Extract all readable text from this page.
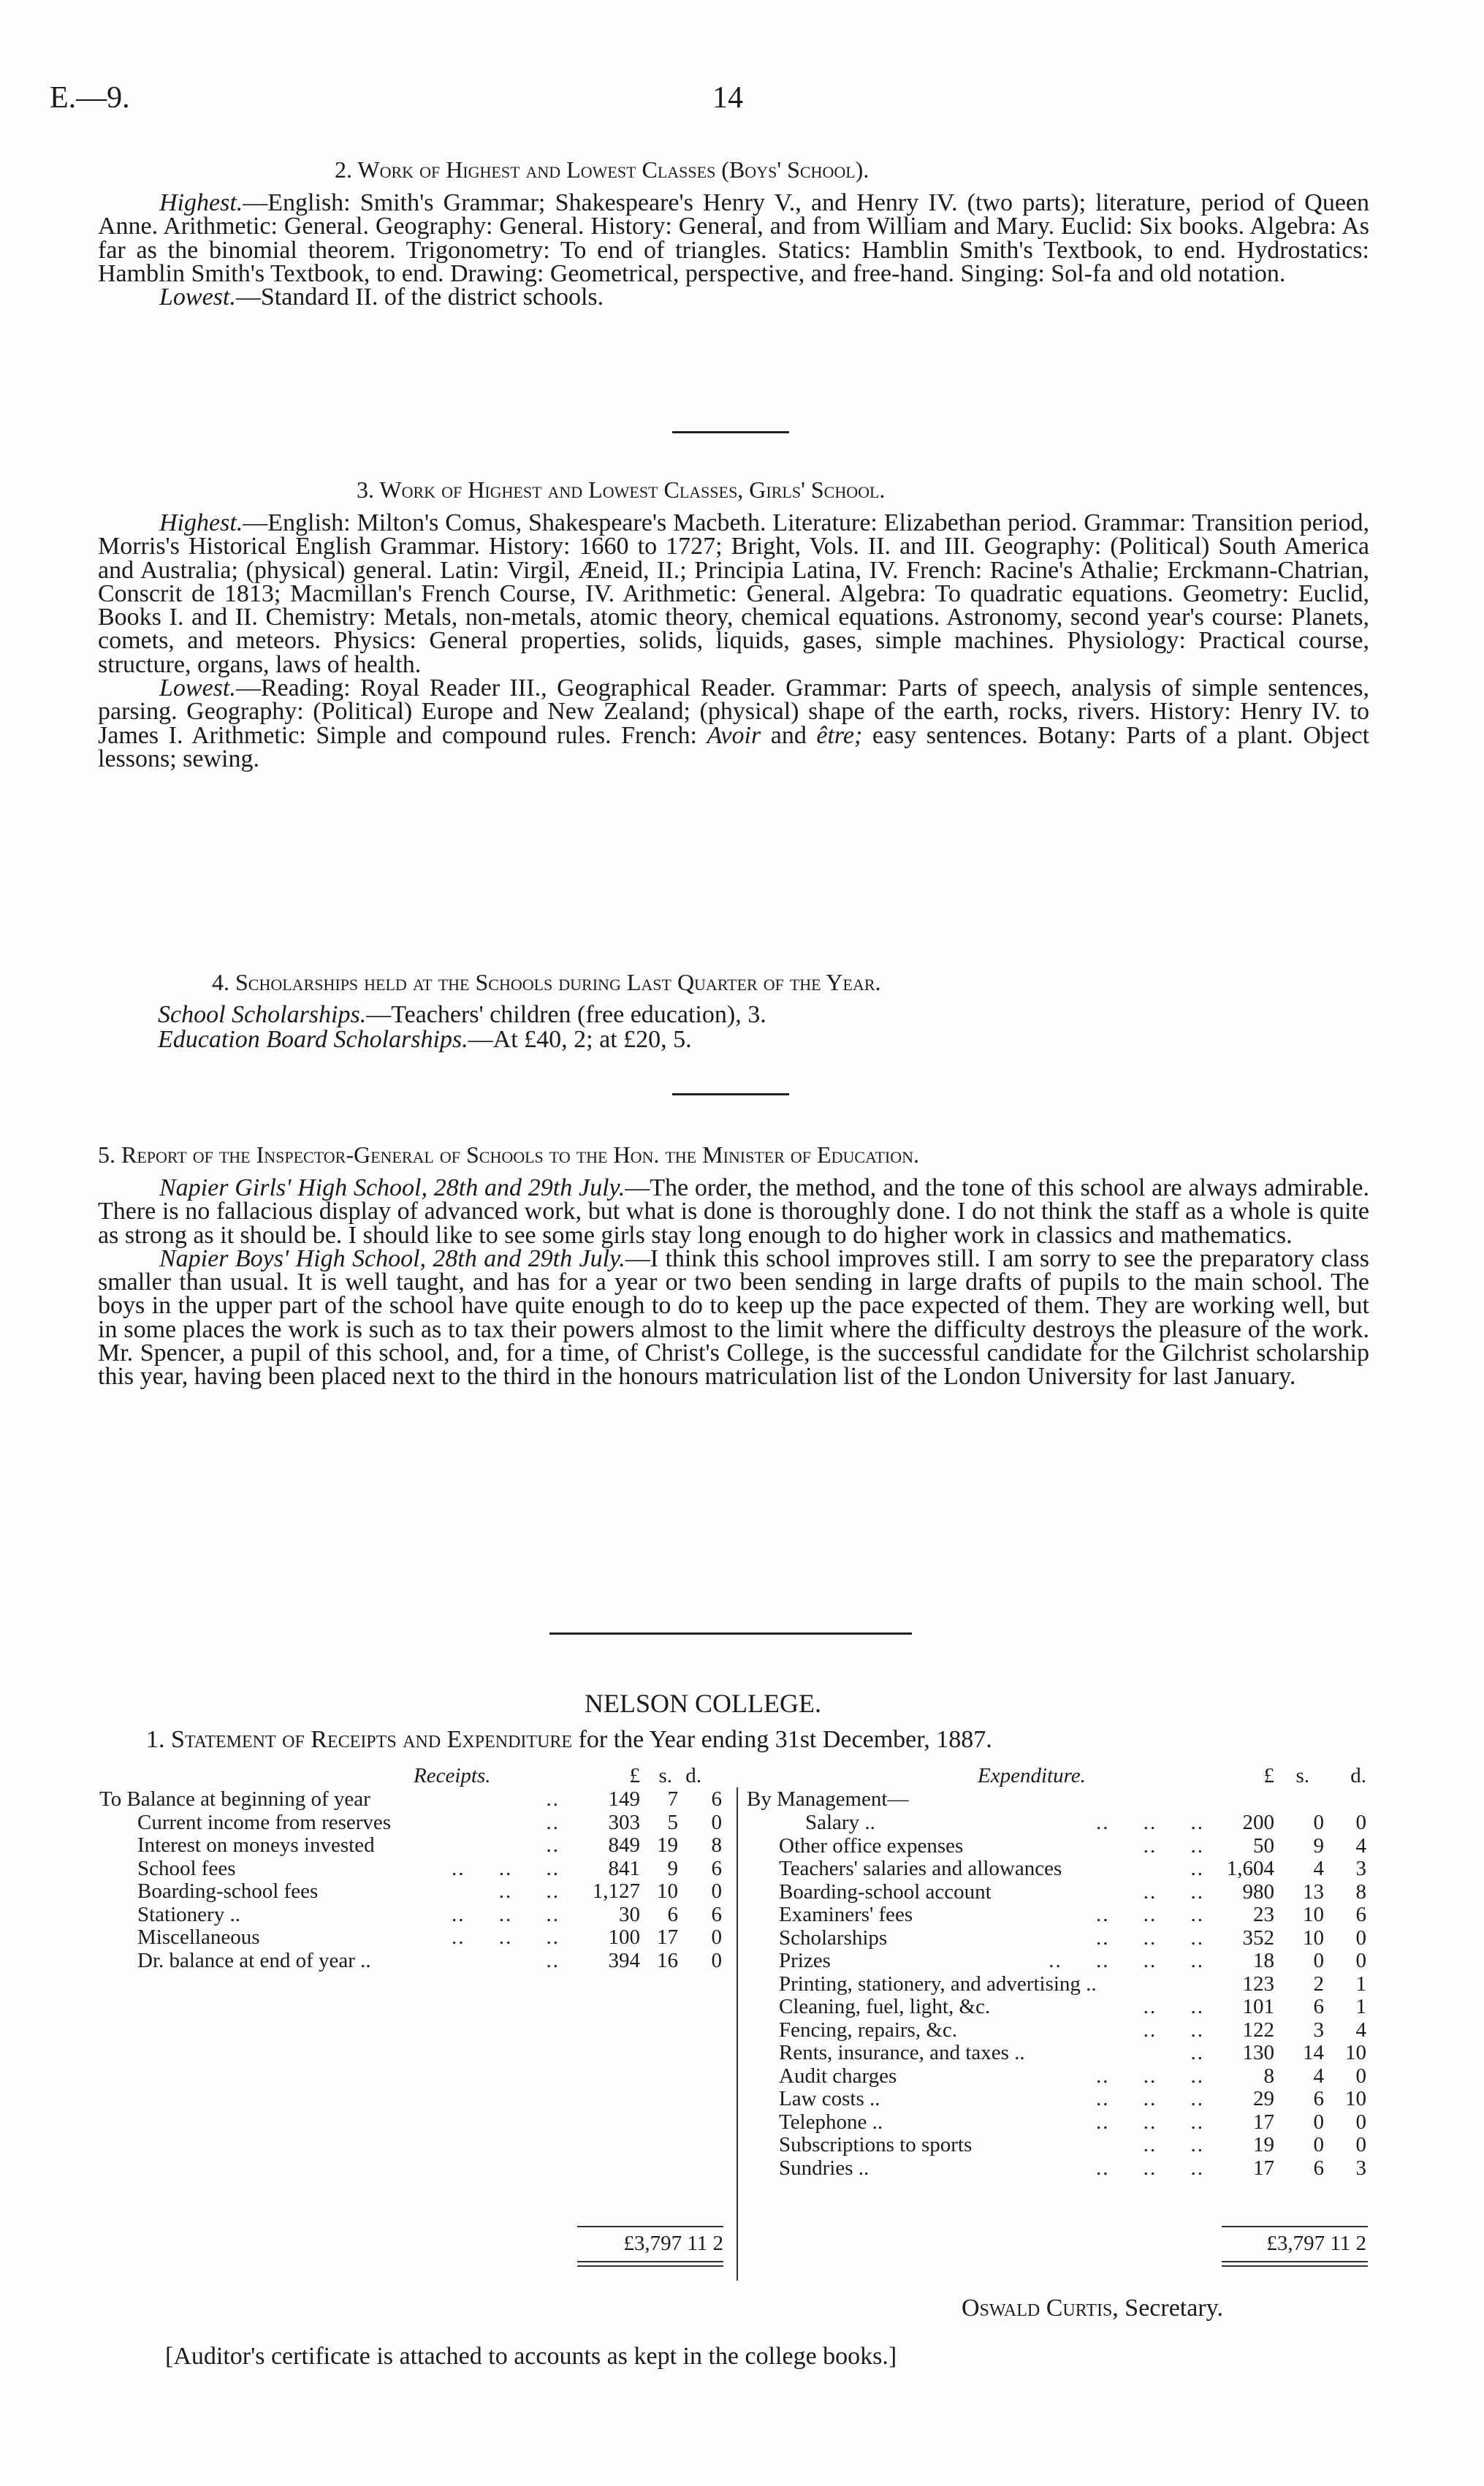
E.—9.	14
2. Work of Highest and Lowest Classes (Boys' School).

Highest.—English: Smith's Grammar; Shakespeare's Henry V., and Henry IV. (two parts); literature, period of Queen Anne. Arithmetic: General. Geography: General. History: General, and from William and Mary. Euclid: Six books. Algebra: As far as the binomial theorem. Trigonometry: To end of triangles. Statics: Hamblin Smith's Textbook, to end. Hydrostatics: Hamblin Smith's Textbook, to end. Drawing: Geometrical, perspective, and free-hand. Singing: Sol-fa and old notation.

Lowest.—Standard II. of the district schools.

3. Work of Highest and Lowest Classes, Girls' School.

Highest.—English: Milton's Comus, Shakespeare's Macbeth. Literature: Elizabethan period. Grammar: Transition period, Morris's Historical English Grammar. History: 1660 to 1727; Bright, Vols. II. and III. Geography: (Political) South America and Australia; (physical) general. Latin: Virgil, Æneid, II.; Principia Latina, IV. French: Racine's Athalie; Erckmann-Chatrian, Conscrit de 1813; Macmillan's French Course, IV. Arithmetic: General. Algebra: To quadratic equations. Geometry: Euclid, Books I. and II. Chemistry: Metals, non-metals, atomic theory, chemical equations. Astronomy, second year's course: Planets, comets, and meteors. Physics: General properties, solids, liquids, gases, simple machines. Physiology: Practical course, structure, organs, laws of health.

Lowest.—Reading: Royal Reader III., Geographical Reader. Grammar: Parts of speech, analysis of simple sentences, parsing. Geography: (Political) Europe and New Zealand; (physical) shape of the earth, rocks, rivers. History: Henry IV. to James I. Arithmetic: Simple and compound rules. French: Avoir and être; easy sentences. Botany: Parts of a plant. Object lessons; sewing.

4. Scholarships held at the Schools during Last Quarter of the Year.
School Scholarships.—Teachers' children (free education), 3.
Education Board Scholarships.—At £40, 2; at £20, 5.
5. Report of the Inspector-General of Schools to the Hon. the Minister of Education.

Napier Girls' High School, 28th and 29th July.—The order, the method, and the tone of this school are always admirable. There is no fallacious display of advanced work, but what is done is thoroughly done. I do not think the staff as a whole is quite as strong as it should be. I should like to see some girls stay long enough to do higher work in classics and mathematics.

Napier Boys' High School, 28th and 29th July.—I think this school improves still. I am sorry to see the preparatory class smaller than usual. It is well taught, and has for a year or two been sending in large drafts of pupils to the main school. The boys in the upper part of the school have quite enough to do to keep up the pace expected of them. They are working well, but in some places the work is such as to tax their powers almost to the limit where the difficulty destroys the pleasure of the work. Mr. Spencer, a pupil of this school, and, for a time, of Christ's College, is the successful candidate for the Gilchrist scholarship this year, having been placed next to the third in the honours matriculation list of the London University for last January.

NELSON COLLEGE.
1. Statement of Receipts and Expenditure for the Year ending 31st December, 1887.
Receipts.	£ s. d.	Expenditure.	£	s.	d.
To Balance at beginning of year	..	149	7	6
Current income from reserves	..	303	5	0
Interest on moneys invested	..	849 19	8
School fees	..     ..     ..	841	9	6
Boarding-school fees	..     ..	1,127 10	0
Stationery ..	..     ..     ..	30	6	6
Miscellaneous	..     ..     ..	100 17	0
Dr. balance at end of year ..	..	394 16	0
By Management—
Salary ..	..     ..     ..	200	0	0
Other office expenses	..     ..	50	9	4
Teachers' salaries and allowances	..	1,604	4	3
Boarding-school account	..     ..	980	13	8
Examiners' fees	..     ..     ..	23	10	6
Scholarships	..     ..     ..	352	10	0
Prizes	..     ..     ..     ..	18	0	0
Printing, stationery, and advertising ..	123	2	1
Cleaning, fuel, light, &c.	..     ..	101	6	1
Fencing, repairs, &c.	..     ..	122	3	4
Rents, insurance, and taxes ..	..	130	14	10
Audit charges	..     ..     ..	8	4	0
Law costs ..	..     ..     ..	29	6	10
Telephone ..	..     ..     ..	17	0	0
Subscriptions to sports	..     ..	19	0	0
Sundries ..	..     ..     ..	17	6	3
£3,797 11 2	£3,797 11 2
Oswald Curtis, Secretary.
[Auditor's certificate is attached to accounts as kept in the college books.]
